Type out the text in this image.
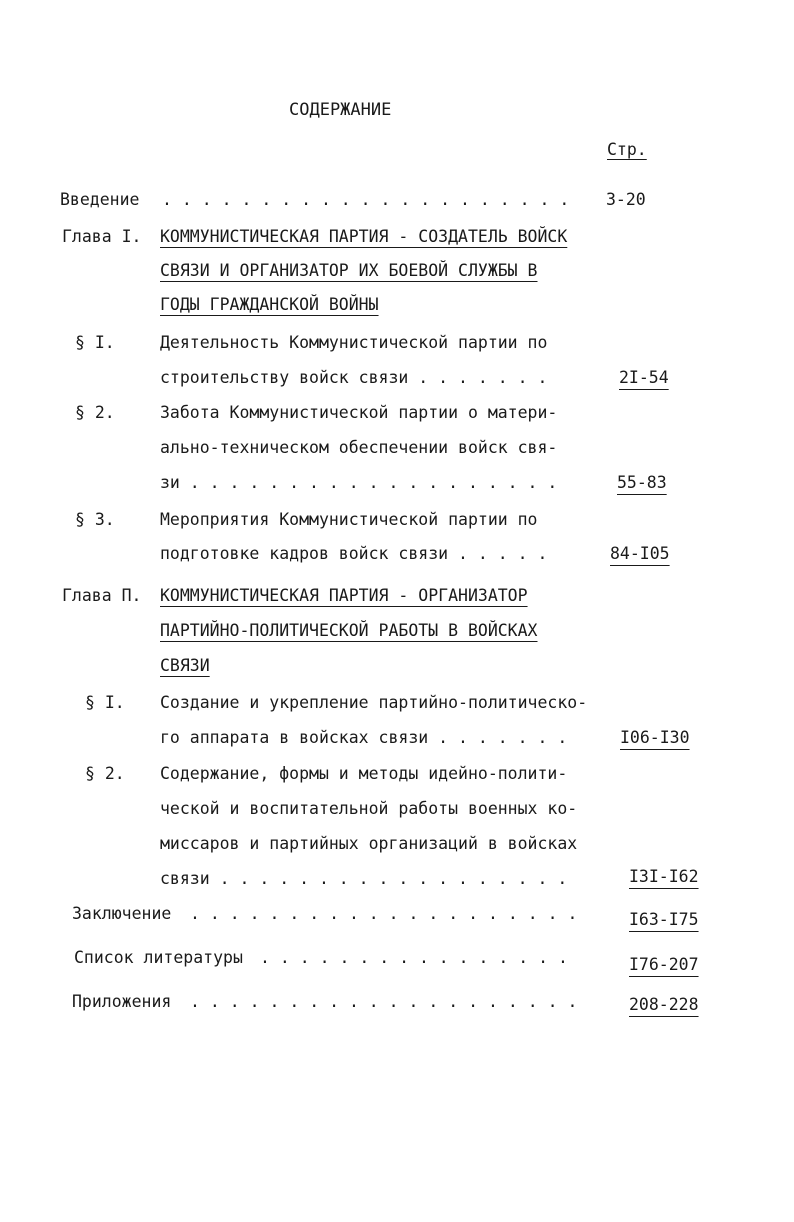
СОДЕРЖАНИЕ
Стр.
Введение . . . . . . . . . . . . . . . . . . . . . 3-20
Глава I. КОММУНИСТИЧЕСКАЯ ПАРТИЯ - СОЗДАТЕЛЬ ВОЙСК
СВЯЗИ И ОРГАНИЗАТОР ИХ БОЕВОЙ СЛУЖБЫ В
ГОДЫ ГРАЖДАНСКОЙ ВОЙНЫ
§ I.	Деятельность Коммунистической партии по
строительству войск связи . . . . . . .	2I-54
§ 2.	Забота Коммунистической партии о матери-
ально-техническом обеспечении войск свя-
зи . . . . . . . . . . . . . . . . . . .	55-83
§ 3.	Мероприятия Коммунистической партии по
подготовке кадров войск связи . . . . .	84-I05
Глава П. КОММУНИСТИЧЕСКАЯ ПАРТИЯ - ОРГАНИЗАТОР
ПАРТИЙНО-ПОЛИТИЧЕСКОЙ РАБОТЫ В ВОЙСКАХ
СВЯЗИ
§ I. Создание и укрепление партийно-политическо-
го аппарата в войсках связи . . . . . . .	I06-I30
§ 2. Содержание, формы и методы идейно-полити-
ческой и воспитательной работы военных ко-
миссаров и партийных организаций в войсках
связи . . . . . . . . . . . . . . . . . .	I3I-I62
Заключение . . . . . . . . . . . . . . . . . . . .	I63-I75
Список литературы . . . . . . . . . . . . . . . .	I76-207
Приложения . . . . . . . . . . . . . . . . . . . .	208-228
